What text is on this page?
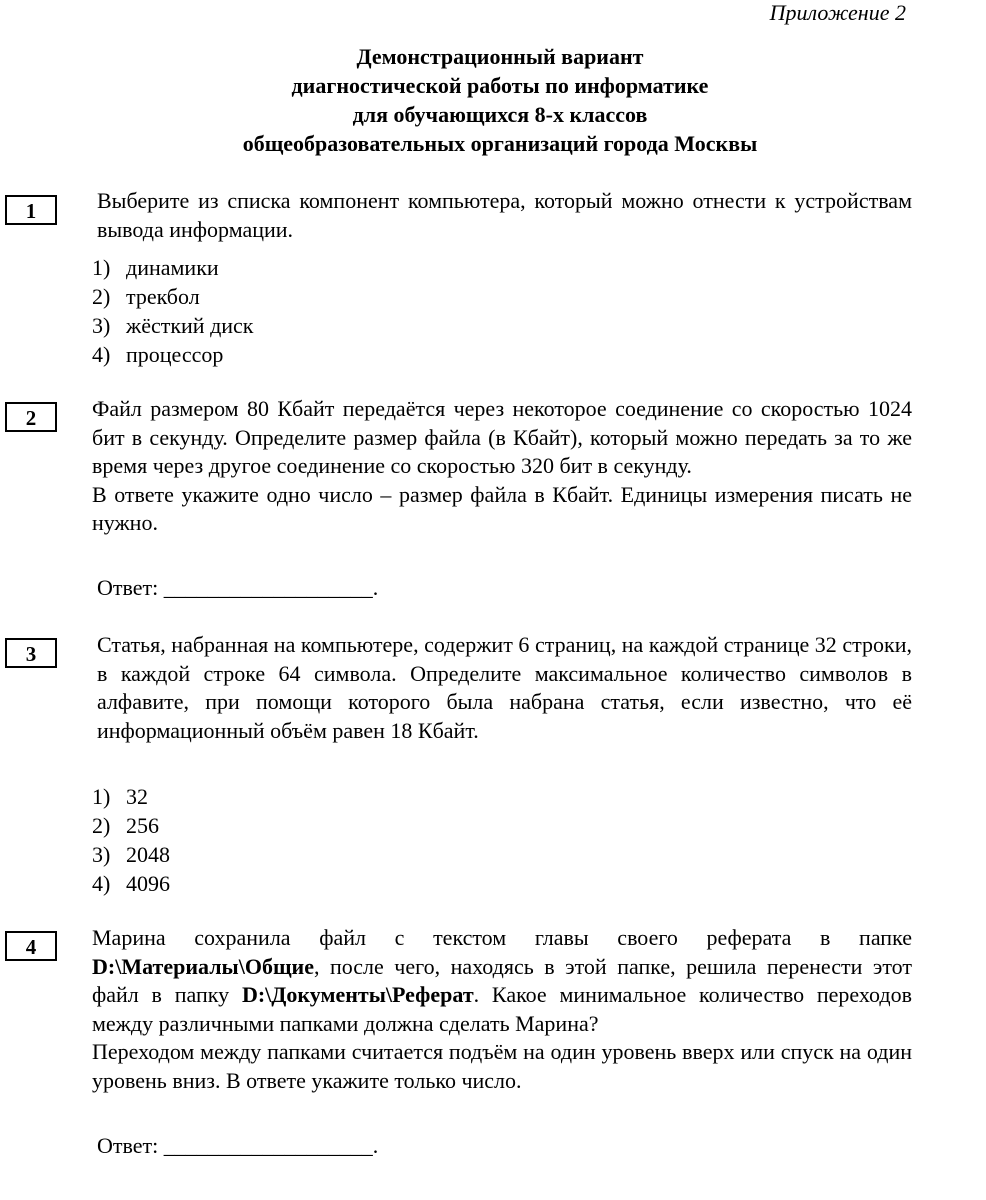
Приложение 2
Демонстрационный вариант
диагностической работы по информатике
для обучающихся 8-х классов
общеобразовательных организаций города Москвы
1	Выберите из списка компонент компьютера, который можно отнести к устройствам вывода информации.

1) динамики
2) трекбол
3) жёсткий диск
4) процессор
2	Файл размером 80 Кбайт передаётся через некоторое соединение со скоростью 1024 бит в секунду. Определите размер файла (в Кбайт), который можно передать за то же время через другое соединение со скоростью 320 бит в секунду.

В ответе укажите одно число – размер файла в Кбайт. Единицы измерения писать не нужно.

Ответ: ___________________.
3	Статья, набранная на компьютере, содержит 6 страниц, на каждой странице 32 строки, в каждой строке 64 символа. Определите максимальное количество символов в алфавите, при помощи которого была набрана статья, если известно, что её информационный объём равен 18 Кбайт.

1) 32
2) 256
3) 2048
4) 4096
4	Марина сохранила файл с текстом главы своего реферата в папке D:\Материалы\Общие, после чего, находясь в этой папке, решила перенести этот файл в папку D:\Документы\Реферат. Какое минимальное количество переходов между различными папками должна сделать Марина?

Переходом между папками считается подъём на один уровень вверх или спуск на один уровень вниз. В ответе укажите только число.

Ответ: ___________________.
